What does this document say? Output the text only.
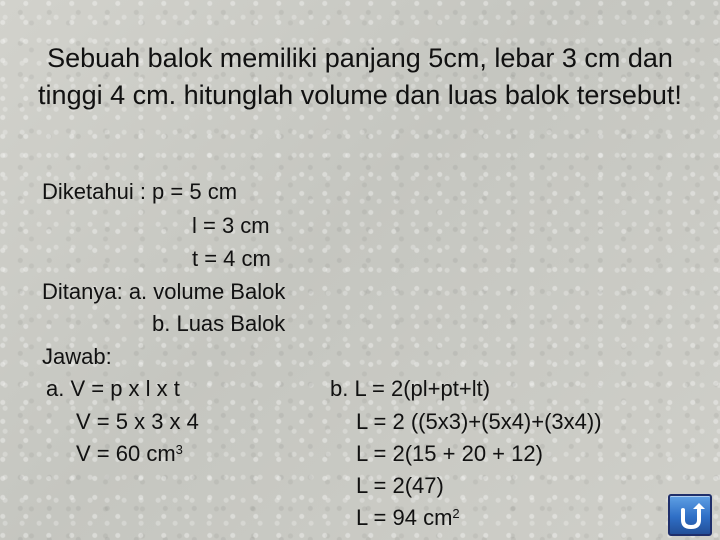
Sebuah balok memiliki panjang 5cm, lebar 3 cm dan tinggi 4 cm. hitunglah volume dan luas balok tersebut!
Diketahui : p = 5 cm
l = 3 cm
t = 4 cm
Ditanya: a. volume Balok
b. Luas Balok
Jawab:
a. V = p x l x t
V = 5 x 3 x 4
V = 60 $cm^3$
b. L = 2(pl+pt+lt)
L = 2 ((5x3)+(5x4)+(3x4))
L = 2(15 + 20 + 12)
L = 2(47)
L = 94 $cm^2$
